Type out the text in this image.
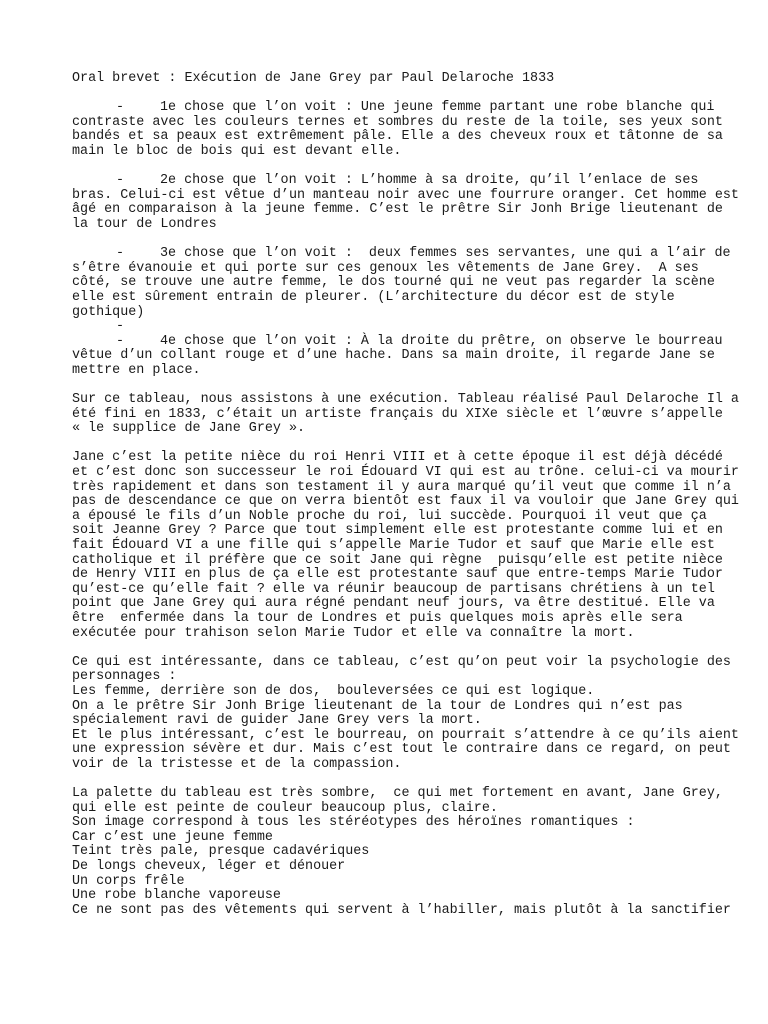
Oral brevet : Exécution de Jane Grey par Paul Delaroche 1833
-	1e chose que l’on voit : Une jeune femme partant une robe blanche qui
contraste avec les couleurs ternes et sombres du reste de la toile, ses yeux sont
bandés et sa peaux est extrêmement pâle. Elle a des cheveux roux et tâtonne de sa
main le bloc de bois qui est devant elle.
-	2e chose que l’on voit : L’homme à sa droite, qu’il l’enlace de ses
bras. Celui-ci est vêtue d’un manteau noir avec une fourrure oranger. Cet homme est
âgé en comparaison à la jeune femme. C’est le prêtre Sir Jonh Brige lieutenant de
la tour de Londres
-	3e chose que l’on voit :  deux femmes ses servantes, une qui a l’air de
s’être évanouie et qui porte sur ces genoux les vêtements de Jane Grey.  A ses
côté, se trouve une autre femme, le dos tourné qui ne veut pas regarder la scène
elle est sûrement entrain de pleurer. (L’architecture du décor est de style
gothique)
-
-	4e chose que l’on voit : À la droite du prêtre, on observe le bourreau
vêtue d’un collant rouge et d’une hache. Dans sa main droite, il regarde Jane se
mettre en place.
Sur ce tableau, nous assistons à une exécution. Tableau réalisé Paul Delaroche Il a
été fini en 1833, c’était un artiste français du XIXe siècle et l’œuvre s’appelle
« le supplice de Jane Grey ».
Jane c’est la petite nièce du roi Henri VIII et à cette époque il est déjà décédé
et c’est donc son successeur le roi Édouard VI qui est au trône. celui-ci va mourir
très rapidement et dans son testament il y aura marqué qu’il veut que comme il n’a
pas de descendance ce que on verra bientôt est faux il va vouloir que Jane Grey qui
a épousé le fils d’un Noble proche du roi, lui succède. Pourquoi il veut que ça
soit Jeanne Grey ? Parce que tout simplement elle est protestante comme lui et en
fait Édouard VI a une fille qui s’appelle Marie Tudor et sauf que Marie elle est
catholique et il préfère que ce soit Jane qui règne  puisqu’elle est petite nièce
de Henry VIII en plus de ça elle est protestante sauf que entre-temps Marie Tudor
qu’est-ce qu’elle fait ? elle va réunir beaucoup de partisans chrétiens à un tel
point que Jane Grey qui aura régné pendant neuf jours, va être destitué. Elle va
être  enfermée dans la tour de Londres et puis quelques mois après elle sera
exécutée pour trahison selon Marie Tudor et elle va connaître la mort.
Ce qui est intéressante, dans ce tableau, c’est qu’on peut voir la psychologie des
personnages :
Les femme, derrière son de dos,  bouleversées ce qui est logique.
On a le prêtre Sir Jonh Brige lieutenant de la tour de Londres qui n’est pas
spécialement ravi de guider Jane Grey vers la mort.
Et le plus intéressant, c’est le bourreau, on pourrait s’attendre à ce qu’ils aient
une expression sévère et dur. Mais c’est tout le contraire dans ce regard, on peut
voir de la tristesse et de la compassion.
La palette du tableau est très sombre,  ce qui met fortement en avant, Jane Grey,
qui elle est peinte de couleur beaucoup plus, claire.
Son image correspond à tous les stéréotypes des héroïnes romantiques :
Car c’est une jeune femme
Teint très pale, presque cadavériques
De longs cheveux, léger et dénouer
Un corps frêle
Une robe blanche vaporeuse
Ce ne sont pas des vêtements qui servent à l’habiller, mais plutôt à la sanctifier
